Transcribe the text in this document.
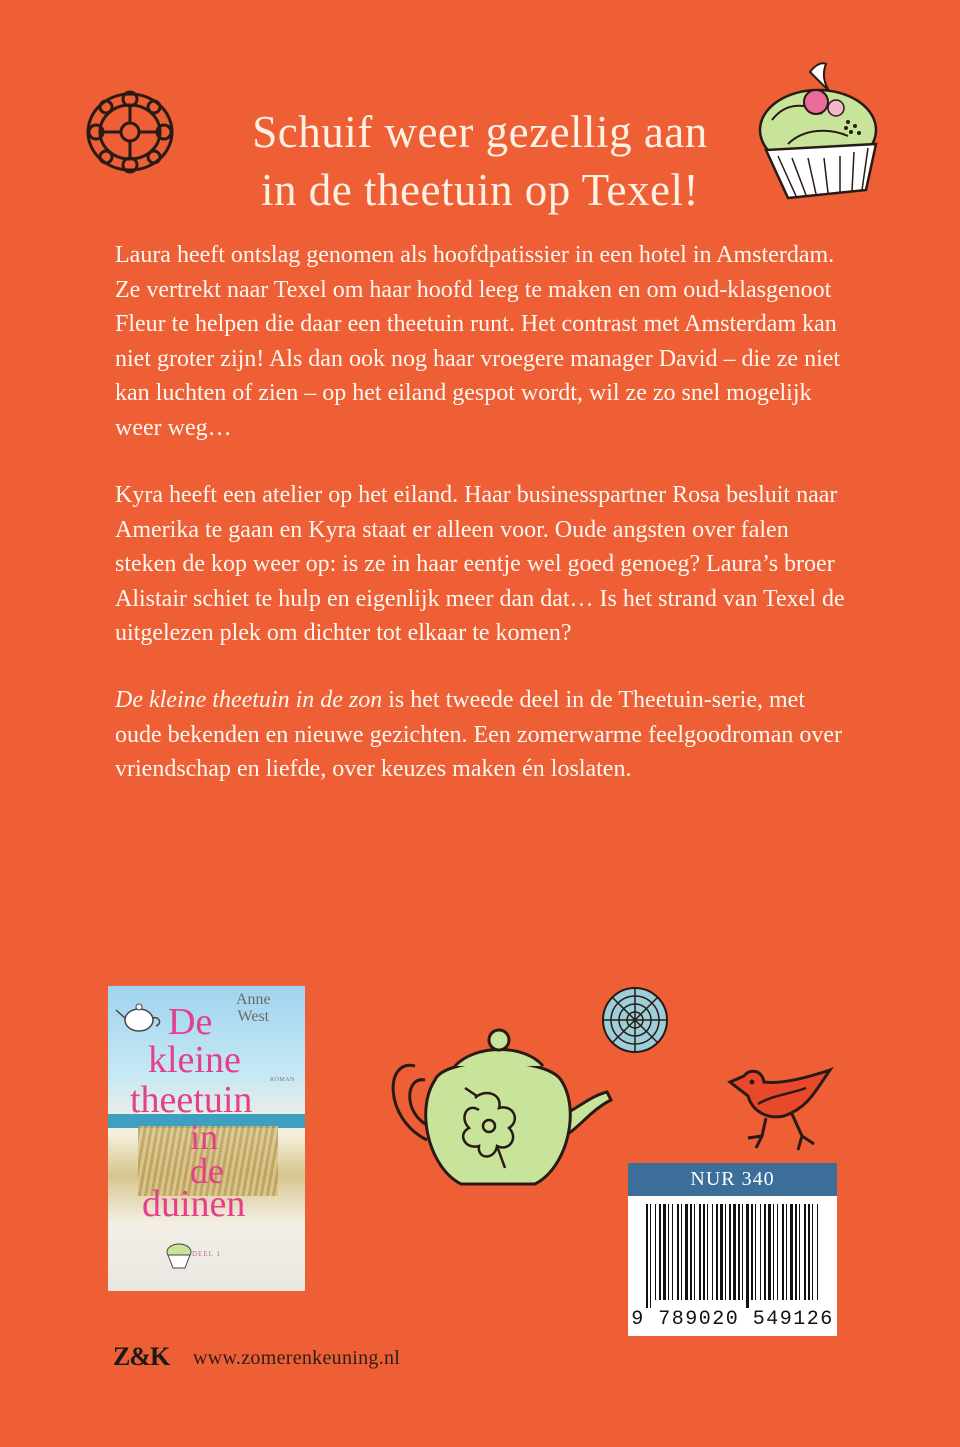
Schuif weer gezellig aan
in de theetuin op Texel!

Laura heeft ontslag genomen als hoofdpatissier in een hotel in Amsterdam. Ze vertrekt naar Texel om haar hoofd leeg te maken en om oud-klasgenoot Fleur te helpen die daar een theetuin runt. Het contrast met Amsterdam kan niet groter zijn! Als dan ook nog haar vroegere manager David – die ze niet kan luchten of zien – op het eiland gespot wordt, wil ze zo snel mogelijk weer weg…

Kyra heeft een atelier op het eiland. Haar businesspartner Rosa besluit naar Amerika te gaan en Kyra staat er alleen voor. Oude angsten over falen steken de kop weer op: is ze in haar eentje wel goed genoeg? Laura’s broer Alistair schiet te hulp en eigenlijk meer dan dat… Is het strand van Texel de uitgelezen plek om dichter tot elkaar te komen?

De kleine theetuin in de zon is het tweede deel in de Theetuin-serie, met oude bekenden en nieuwe gezichten. Een zomerwarme feelgoodroman over vriendschap en liefde, over keuzes maken én loslaten.

Anne
West
De
kleine
theetuin
in
de
duinen
ROMAN
DEEL 1
NUR 340
9 789020 549126
Z&K www.zomerenkeuning.nl
